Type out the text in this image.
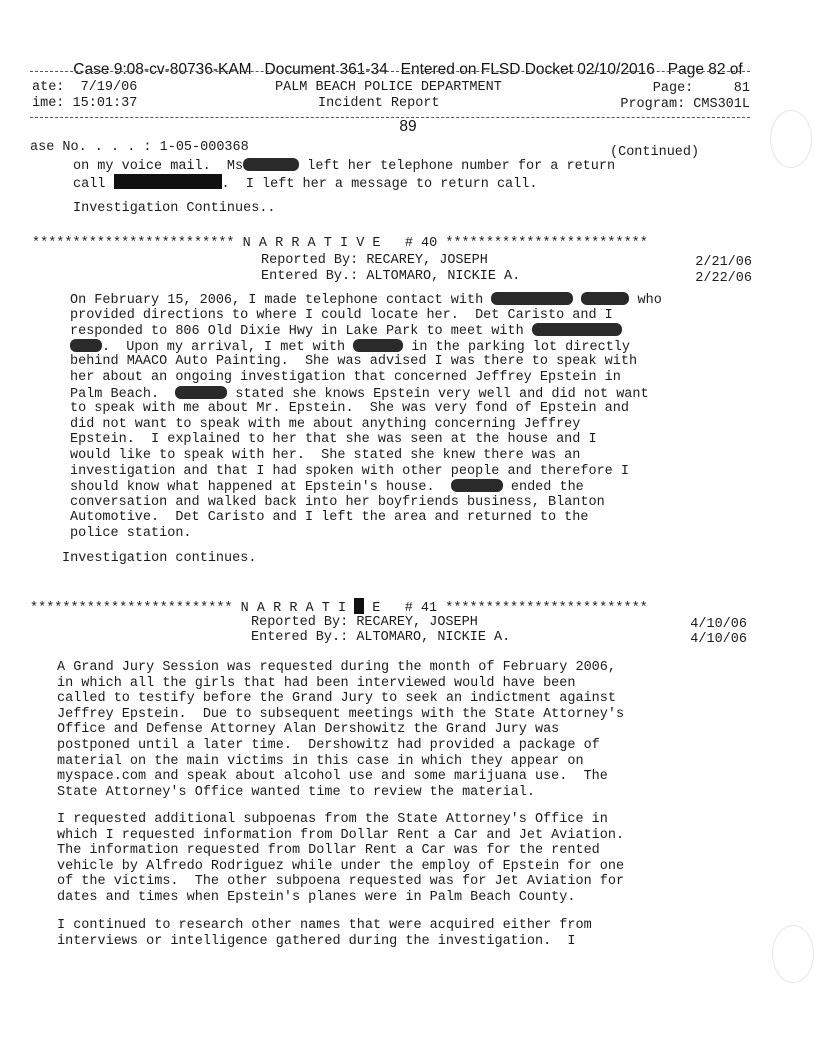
Case 9:08-cv-80736-KAM   Document 361-34   Entered on FLSD Docket 02/10/2016   Page 82 of

89

ate: 7/19/06
ime: 15:01:37
PALM BEACH POLICE DEPARTMENT
Incident Report
Page:	81
Program: CMS301L
ase No. . . . : 1-05-000368	(Continued)
on my voice mail.  Ms	left her telephone number for a return
call	.  I left her a message to return call.
Investigation Continues..
************************* N A R R A T I V E # 40 *************************
Reported By: RECAREY, JOSEPH	2/21/06
Entered By.: ALTOMARO, NICKIE A.	2/22/06
On February 15, 2006, I made telephone contact with	who
provided directions to where I could locate her.  Det Caristo and I
responded to 806 Old Dixie Hwy in Lake Park to meet with
.  Upon my arrival, I met with	in the parking lot directly
behind MAACO Auto Painting.  She was advised I was there to speak with
her about an ongoing investigation that concerned Jeffrey Epstein in
Palm Beach.	stated she knows Epstein very well and did not want
to speak with me about Mr. Epstein.  She was very fond of Epstein and
did not want to speak with me about anything concerning Jeffrey
Epstein.  I explained to her that she was seen at the house and I
would like to speak with her.  She stated she knew there was an
investigation and that I had spoken with other people and therefore I
should know what happened at Epstein's house.	ended the
conversation and walked back into her boyfriends business, Blanton
Automotive.  Det Caristo and I left the area and returned to the
police station.
Investigation continues.
************************* N A R R A T I E # 41 *************************
Reported By: RECAREY, JOSEPH	4/10/06
Entered By.: ALTOMARO, NICKIE A.	4/10/06
A Grand Jury Session was requested during the month of February 2006,
in which all the girls that had been interviewed would have been
called to testify before the Grand Jury to seek an indictment against
Jeffrey Epstein.  Due to subsequent meetings with the State Attorney's
Office and Defense Attorney Alan Dershowitz the Grand Jury was
postponed until a later time.  Dershowitz had provided a package of
material on the main victims in this case in which they appear on
myspace.com and speak about alcohol use and some marijuana use.  The
State Attorney's Office wanted time to review the material.
I requested additional subpoenas from the State Attorney's Office in
which I requested information from Dollar Rent a Car and Jet Aviation.
The information requested from Dollar Rent a Car was for the rented
vehicle by Alfredo Rodriguez while under the employ of Epstein for one
of the victims.  The other subpoena requested was for Jet Aviation for
dates and times when Epstein's planes were in Palm Beach County.
I continued to research other names that were acquired either from
interviews or intelligence gathered during the investigation.  I
